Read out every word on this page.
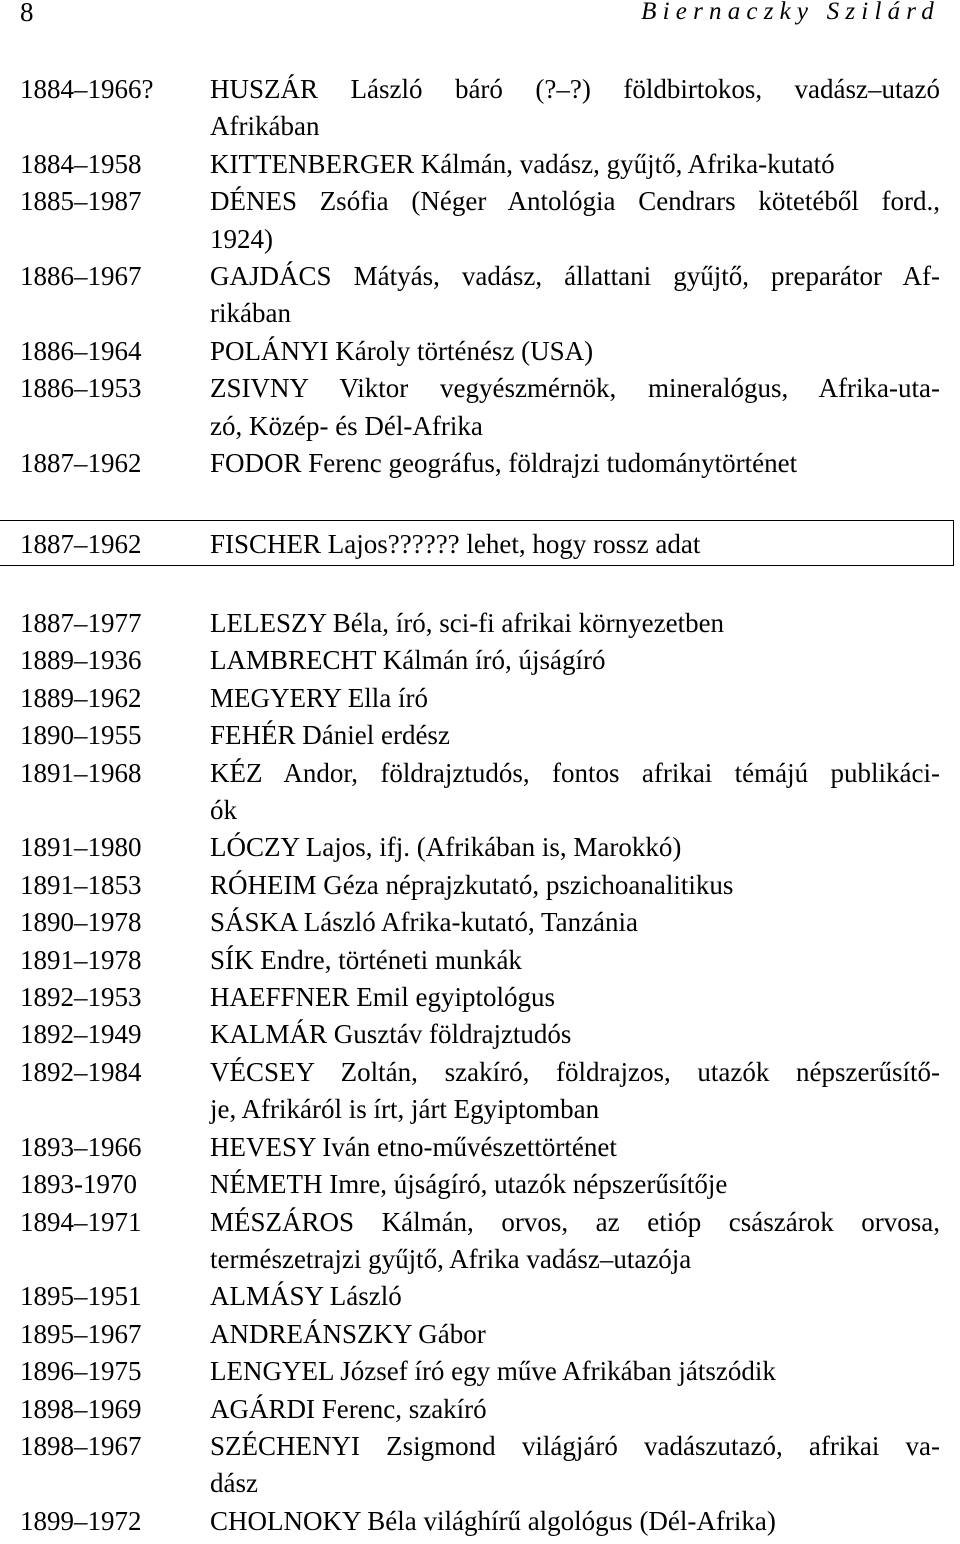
8	Biernaczky Szilárd
1884–1966?	HUSZÁR László báró (?–?) földbirtokos, vadász–utazó
Afrikában
1884–1958	KITTENBERGER Kálmán, vadász, gyűjtő, Afrika-kutató
1885–1987	DÉNES Zsófia (Néger Antológia Cendrars kötetéből ford.,
1924)
1886–1967	GAJDÁCS Mátyás, vadász, állattani gyűjtő, preparátor Af-
rikában
1886–1964	POLÁNYI Károly történész (USA)
1886–1953	ZSIVNY Viktor vegyészmérnök, mineralógus, Afrika-uta-
zó, Közép- és Dél-Afrika
1887–1962	FODOR Ferenc geográfus, földrajzi tudománytörténet
1887–1962	FISCHER Lajos?????? lehet, hogy rossz adat
1887–1977	LELESZY Béla, író, sci-fi afrikai környezetben
1889–1936	LAMBRECHT Kálmán író, újságíró
1889–1962	MEGYERY Ella író
1890–1955	FEHÉR Dániel erdész
1891–1968	KÉZ Andor, földrajztudós, fontos afrikai témájú publikáci-
ók
1891–1980	LÓCZY Lajos, ifj. (Afrikában is, Marokkó)
1891–1853	RÓHEIM Géza néprajzkutató, pszichoanalitikus
1890–1978	SÁSKA László Afrika-kutató, Tanzánia
1891–1978	SÍK Endre, történeti munkák
1892–1953	HAEFFNER Emil egyiptológus
1892–1949	KALMÁR Gusztáv földrajztudós
1892–1984	VÉCSEY Zoltán, szakíró, földrajzos, utazók népszerűsítő-
je, Afrikáról is írt, járt Egyiptomban
1893–1966	HEVESY Iván etno-művészettörténet
1893-1970	NÉMETH Imre, újságíró, utazók népszerűsítője
1894–1971	MÉSZÁROS Kálmán, orvos, az etióp császárok orvosa,
természetrajzi gyűjtő, Afrika vadász–utazója
1895–1951	ALMÁSY László
1895–1967	ANDREÁNSZKY Gábor
1896–1975	LENGYEL József író egy műve Afrikában játszódik
1898–1969	AGÁRDI Ferenc, szakíró
1898–1967	SZÉCHENYI Zsigmond világjáró vadászutazó, afrikai va-
dász
1899–1972	CHOLNOKY Béla világhírű algológus (Dél-Afrika)
